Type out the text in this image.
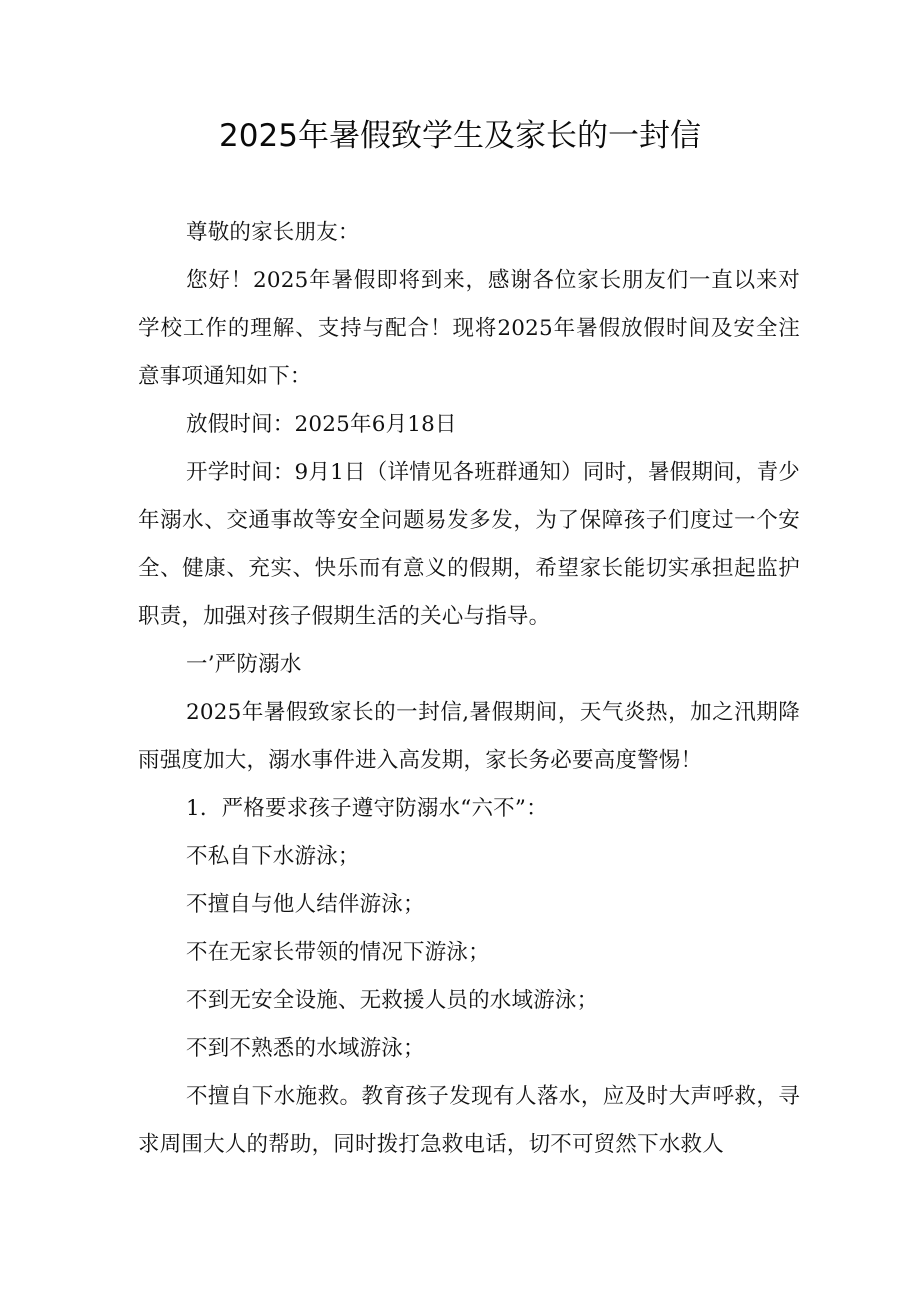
2025年暑假致学生及家长的一封信

尊敬的家长朋友：

您好！2025年暑假即将到来，感谢各位家长朋友们一直以来对学校工作的理解、支持与配合！现将2025年暑假放假时间及安全注意事项通知如下：

放假时间：2025年6月18日

开学时间：9月1日（详情见各班群通知）同时，暑假期间，青少年溺水、交通事故等安全问题易发多发，为了保障孩子们度过一个安全、健康、充实、快乐而有意义的假期，希望家长能切实承担起监护职责，加强对孩子假期生活的关心与指导。

一’严防溺水

2025年暑假致家长的一封信,暑假期间，天气炎热，加之汛期降雨强度加大，溺水事件进入高发期，家长务必要高度警惕！

1．严格要求孩子遵守防溺水“六不”：

不私自下水游泳；

不擅自与他人结伴游泳；

不在无家长带领的情况下游泳；

不到无安全设施、无救援人员的水域游泳；

不到不熟悉的水域游泳；

不擅自下水施救。教育孩子发现有人落水，应及时大声呼救，寻求周围大人的帮助，同时拨打急救电话，切不可贸然下水救人
